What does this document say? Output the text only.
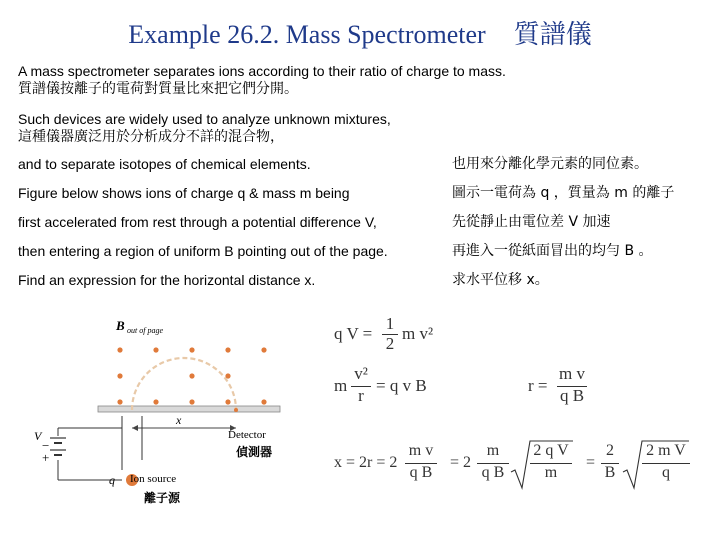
Example 26.2. Mass Spectrometer 質譜儀
A mass spectrometer separates ions according to their ratio of charge to mass.
質譜儀按離子的電荷對質量比來把它們分開。
Such devices are widely used to analyze unknown mixtures,
這種儀器廣泛用於分析成分不詳的混合物，
and to separate isotopes of chemical elements.	也用來分離化學元素的同位素。
Figure below shows ions of charge q & mass m being	圖示一電荷為 q ，質量為 m 的離子
first accelerated from rest through a potential difference V,	先從靜止由電位差 V 加速
then entering a region of uniform B pointing out of the page.	再進入一從紙面冒出的均勻 B 。
Find an expression for the horizontal distance x.	求水平位移 x。
B out of page
x
Detector
偵測器
V
−
+
q Ion source
離子源
q V =
1
2
m v²
m
v²
r
= q v B	r =
m v
q B
x = 2r = 2
m v
q B
= 2
m
q B
2 q V
m
=
2
B
2 m V
q
